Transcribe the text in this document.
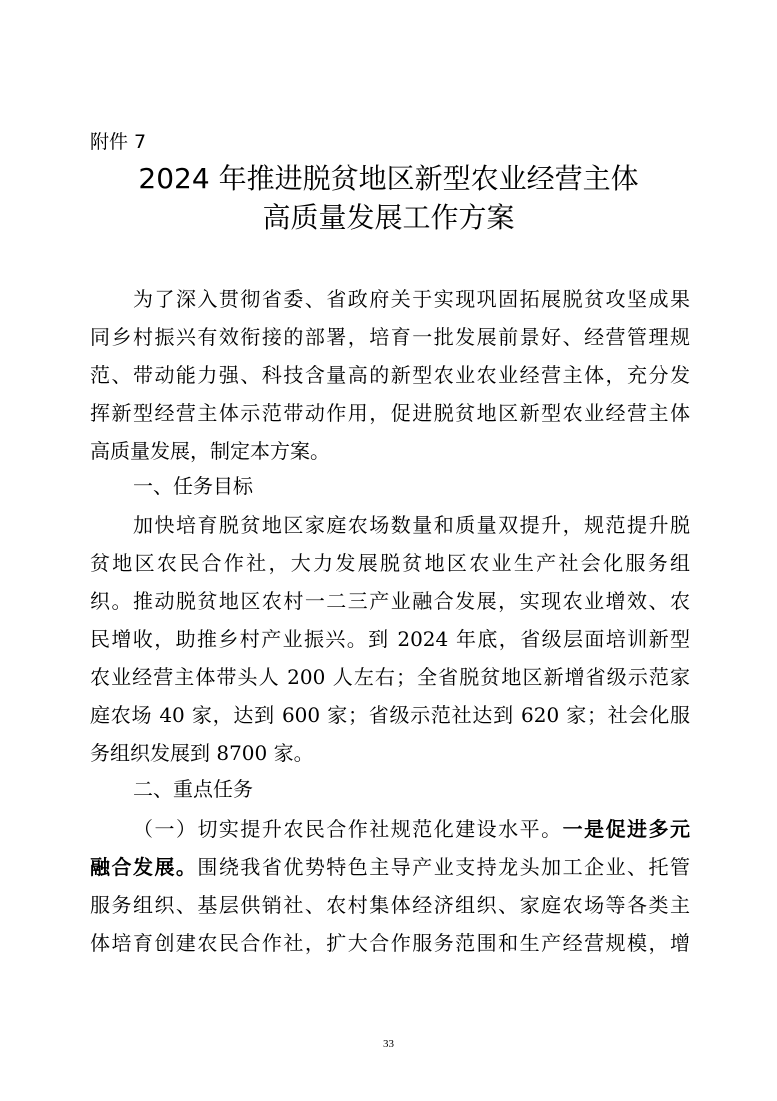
附件 7
2024 年推进脱贫地区新型农业经营主体
高质量发展工作方案
为了深入贯彻省委、省政府关于实现巩固拓展脱贫攻坚成果
同乡村振兴有效衔接的部署，培育一批发展前景好、经营管理规
范、带动能力强、科技含量高的新型农业农业经营主体，充分发
挥新型经营主体示范带动作用，促进脱贫地区新型农业经营主体
高质量发展，制定本方案。
一、任务目标
加快培育脱贫地区家庭农场数量和质量双提升，规范提升脱
贫地区农民合作社，大力发展脱贫地区农业生产社会化服务组
织。推动脱贫地区农村一二三产业融合发展，实现农业增效、农
民增收，助推乡村产业振兴。到 2024 年底，省级层面培训新型
农业经营主体带头人 200 人左右；全省脱贫地区新增省级示范家
庭农场 40 家，达到 600 家；省级示范社达到 620 家；社会化服
务组织发展到 8700 家。
二、重点任务
（一）切实提升农民合作社规范化建设水平。一是促进多元
融合发展。围绕我省优势特色主导产业支持龙头加工企业、托管
服务组织、基层供销社、农村集体经济组织、家庭农场等各类主
体培育创建农民合作社，扩大合作服务范围和生产经营规模，增
33
